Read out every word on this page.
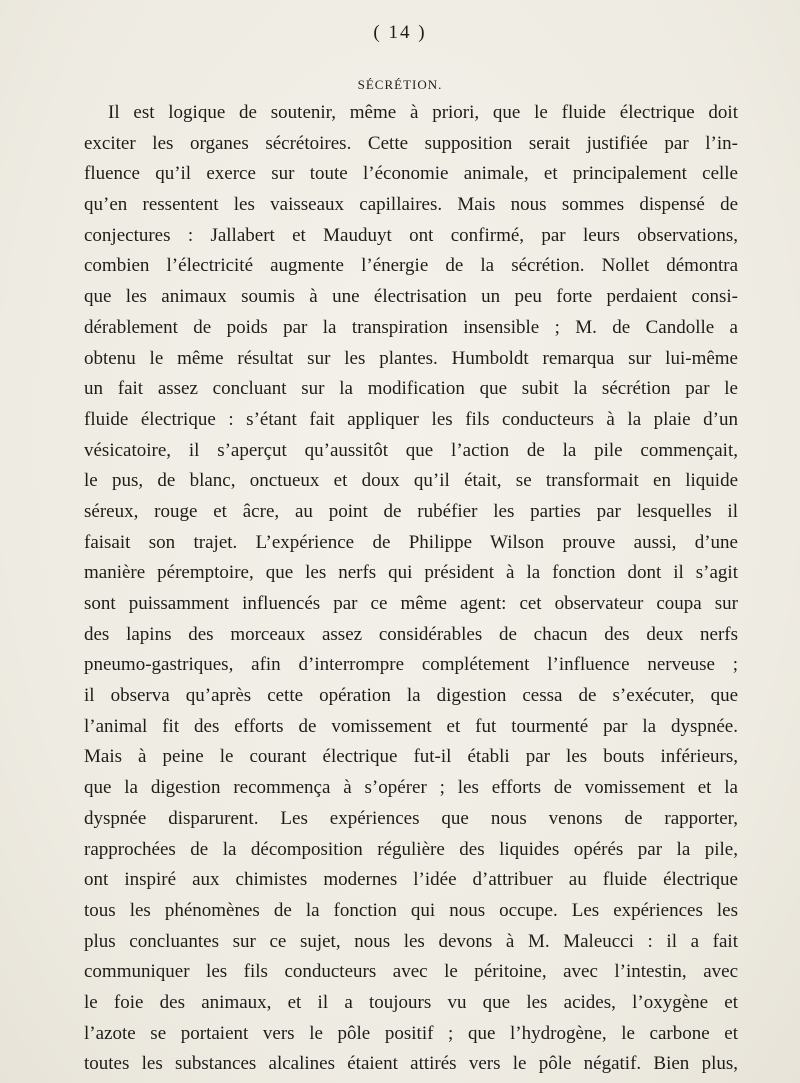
( 14 )
SÉCRÉTION.
Il est logique de soutenir, même à priori, que le fluide électrique doit
exciter les organes sécrétoires. Cette supposition serait justifiée par l’in-
fluence qu’il exerce sur toute l’économie animale, et principalement celle
qu’en ressentent les vaisseaux capillaires. Mais nous sommes dispensé de
conjectures : Jallabert et Mauduyt ont confirmé, par leurs observations,
combien l’électricité augmente l’énergie de la sécrétion. Nollet démontra
que les animaux soumis à une électrisation un peu forte perdaient consi-
dérablement de poids par la transpiration insensible ; M. de Candolle a
obtenu le même résultat sur les plantes. Humboldt remarqua sur lui-même
un fait assez concluant sur la modification que subit la sécrétion par le
fluide électrique : s’étant fait appliquer les fils conducteurs à la plaie d’un
vésicatoire, il s’aperçut qu’aussitôt que l’action de la pile commençait,
le pus, de blanc, onctueux et doux qu’il était, se transformait en liquide
séreux, rouge et âcre, au point de rubéfier les parties par lesquelles il
faisait son trajet. L’expérience de Philippe Wilson prouve aussi, d’une
manière péremptoire, que les nerfs qui président à la fonction dont il s’agit
sont puissamment influencés par ce même agent: cet observateur coupa sur
des lapins des morceaux assez considérables de chacun des deux nerfs
pneumo-gastriques, afin d’interrompre complétement l’influence nerveuse ;
il observa qu’après cette opération la digestion cessa de s’exécuter, que
l’animal fit des efforts de vomissement et fut tourmenté par la dyspnée.
Mais à peine le courant électrique fut-il établi par les bouts inférieurs,
que la digestion recommença à s’opérer ; les efforts de vomissement et la
dyspnée disparurent. Les expériences que nous venons de rapporter,
rapprochées de la décomposition régulière des liquides opérés par la pile,
ont inspiré aux chimistes modernes l’idée d’attribuer au fluide électrique
tous les phénomènes de la fonction qui nous occupe. Les expériences les
plus concluantes sur ce sujet, nous les devons à M. Maleucci : il a fait
communiquer les fils conducteurs avec le péritoine, avec l’intestin, avec
le foie des animaux, et il a toujours vu que les acides, l’oxygène et
l’azote se portaient vers le pôle positif ; que l’hydrogène, le carbone et
toutes les substances alcalines étaient attirés vers le pôle négatif. Bien plus,
